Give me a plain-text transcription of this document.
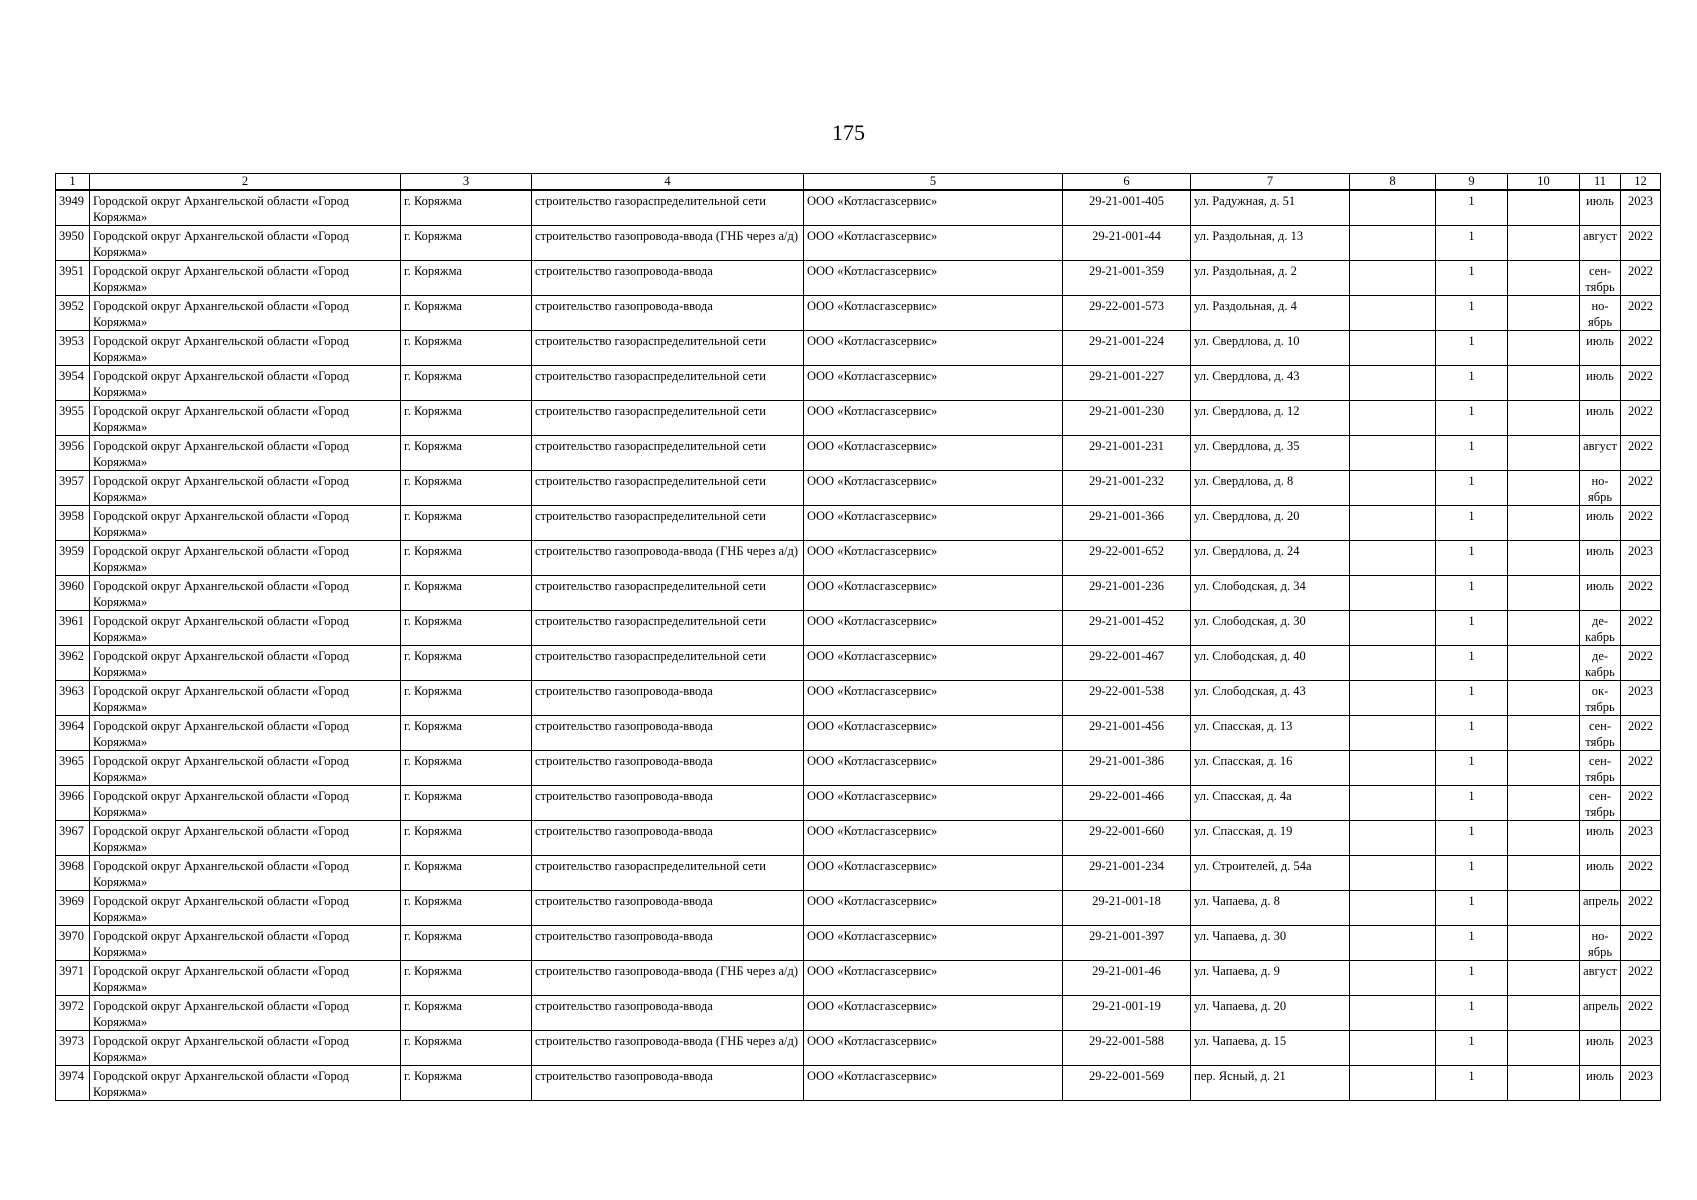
175
1	2	3	4	5	6	7	8	9	10	11	12
3949	Городской округ Архангельской области «Город Коряжма»	г. Коряжма	строительство газораспределительной сети	ООО «Котласгазсервис»	29-21-001-405	ул. Радужная, д. 51		1		июль	2023
3950	Городской округ Архангельской области «Город Коряжма»	г. Коряжма	строительство газопровода-ввода (ГНБ через а/д)	ООО «Котласгазсервис»	29-21-001-44	ул. Раздольная, д. 13		1		август	2022
3951	Городской округ Архангельской области «Город Коряжма»	г. Коряжма	строительство газопровода-ввода	ООО «Котласгазсервис»	29-21-001-359	ул. Раздольная, д. 2		1		сен-тябрь	2022
3952	Городской округ Архангельской области «Город Коряжма»	г. Коряжма	строительство газопровода-ввода	ООО «Котласгазсервис»	29-22-001-573	ул. Раздольная, д. 4		1		но-ябрь	2022
3953	Городской округ Архангельской области «Город Коряжма»	г. Коряжма	строительство газораспределительной сети	ООО «Котласгазсервис»	29-21-001-224	ул. Свердлова, д. 10		1		июль	2022
3954	Городской округ Архангельской области «Город Коряжма»	г. Коряжма	строительство газораспределительной сети	ООО «Котласгазсервис»	29-21-001-227	ул. Свердлова, д. 43		1		июль	2022
3955	Городской округ Архангельской области «Город Коряжма»	г. Коряжма	строительство газораспределительной сети	ООО «Котласгазсервис»	29-21-001-230	ул. Свердлова, д. 12		1		июль	2022
3956	Городской округ Архангельской области «Город Коряжма»	г. Коряжма	строительство газораспределительной сети	ООО «Котласгазсервис»	29-21-001-231	ул. Свердлова, д. 35		1		август	2022
3957	Городской округ Архангельской области «Город Коряжма»	г. Коряжма	строительство газораспределительной сети	ООО «Котласгазсервис»	29-21-001-232	ул. Свердлова, д. 8		1		но-ябрь	2022
3958	Городской округ Архангельской области «Город Коряжма»	г. Коряжма	строительство газораспределительной сети	ООО «Котласгазсервис»	29-21-001-366	ул. Свердлова, д. 20		1		июль	2022
3959	Городской округ Архангельской области «Город Коряжма»	г. Коряжма	строительство газопровода-ввода (ГНБ через а/д)	ООО «Котласгазсервис»	29-22-001-652	ул. Свердлова, д. 24		1		июль	2023
3960	Городской округ Архангельской области «Город Коряжма»	г. Коряжма	строительство газораспределительной сети	ООО «Котласгазсервис»	29-21-001-236	ул. Слободская, д. 34		1		июль	2022
3961	Городской округ Архангельской области «Город Коряжма»	г. Коряжма	строительство газораспределительной сети	ООО «Котласгазсервис»	29-21-001-452	ул. Слободская, д. 30		1		де-кабрь	2022
3962	Городской округ Архангельской области «Город Коряжма»	г. Коряжма	строительство газораспределительной сети	ООО «Котласгазсервис»	29-22-001-467	ул. Слободская, д. 40		1		де-кабрь	2022
3963	Городской округ Архангельской области «Город Коряжма»	г. Коряжма	строительство газопровода-ввода	ООО «Котласгазсервис»	29-22-001-538	ул. Слободская, д. 43		1		ок-тябрь	2023
3964	Городской округ Архангельской области «Город Коряжма»	г. Коряжма	строительство газопровода-ввода	ООО «Котласгазсервис»	29-21-001-456	ул. Спасская, д. 13		1		сен-тябрь	2022
3965	Городской округ Архангельской области «Город Коряжма»	г. Коряжма	строительство газопровода-ввода	ООО «Котласгазсервис»	29-21-001-386	ул. Спасская, д. 16		1		сен-тябрь	2022
3966	Городской округ Архангельской области «Город Коряжма»	г. Коряжма	строительство газопровода-ввода	ООО «Котласгазсервис»	29-22-001-466	ул. Спасская, д. 4а		1		сен-тябрь	2022
3967	Городской округ Архангельской области «Город Коряжма»	г. Коряжма	строительство газопровода-ввода	ООО «Котласгазсервис»	29-22-001-660	ул. Спасская, д. 19		1		июль	2023
3968	Городской округ Архангельской области «Город Коряжма»	г. Коряжма	строительство газораспределительной сети	ООО «Котласгазсервис»	29-21-001-234	ул. Строителей, д. 54а		1		июль	2022
3969	Городской округ Архангельской области «Город Коряжма»	г. Коряжма	строительство газопровода-ввода	ООО «Котласгазсервис»	29-21-001-18	ул. Чапаева, д. 8		1		апрель	2022
3970	Городской округ Архангельской области «Город Коряжма»	г. Коряжма	строительство газопровода-ввода	ООО «Котласгазсервис»	29-21-001-397	ул. Чапаева, д. 30		1		но-ябрь	2022
3971	Городской округ Архангельской области «Город Коряжма»	г. Коряжма	строительство газопровода-ввода (ГНБ через а/д)	ООО «Котласгазсервис»	29-21-001-46	ул. Чапаева, д. 9		1		август	2022
3972	Городской округ Архангельской области «Город Коряжма»	г. Коряжма	строительство газопровода-ввода	ООО «Котласгазсервис»	29-21-001-19	ул. Чапаева, д. 20		1		апрель	2022
3973	Городской округ Архангельской области «Город Коряжма»	г. Коряжма	строительство газопровода-ввода (ГНБ через а/д)	ООО «Котласгазсервис»	29-22-001-588	ул. Чапаева, д. 15		1		июль	2023
3974	Городской округ Архангельской области «Город Коряжма»	г. Коряжма	строительство газопровода-ввода	ООО «Котласгазсервис»	29-22-001-569	пер. Ясный, д. 21		1		июль	2023
